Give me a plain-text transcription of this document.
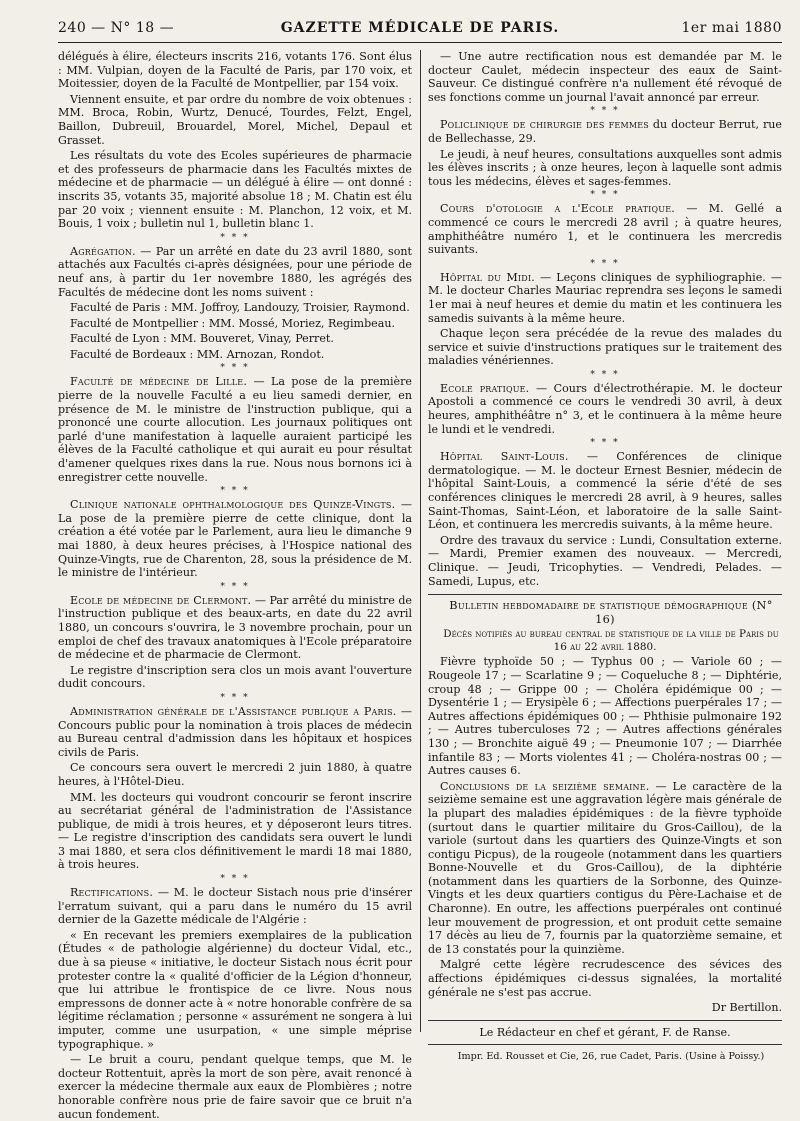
240 — N° 18 —	GAZETTE MÉDICALE DE PARIS.	1er mai 1880

délégués à élire, électeurs inscrits 216, votants 176. Sont élus : MM. Vulpian, doyen de la Faculté de Paris, par 170 voix, et Moitessier, doyen de la Faculté de Montpellier, par 154 voix.

Viennent ensuite, et par ordre du nombre de voix obtenues : MM. Broca, Robin, Wurtz, Denucé, Tourdes, Felzt, Engel, Baillon, Dubreuil, Brouardel, Morel, Michel, Depaul et Grasset.

Les résultats du vote des Ecoles supérieures de pharmacie et des professeurs de pharmacie dans les Facultés mixtes de médecine et de pharmacie — un délégué à élire — ont donné : inscrits 35, votants 35, majorité absolue 18 ; M. Chatin est élu par 20 voix ; viennent ensuite : M. Planchon, 12 voix, et M. Bouis, 1 voix ; bulletin nul 1, bulletin blanc 1.

* * *

Agrégation. — Par un arrêté en date du 23 avril 1880, sont attachés aux Facultés ci-après désignées, pour une période de neuf ans, à partir du 1er novembre 1880, les agrégés des Facultés de médecine dont les noms suivent :

Faculté de Paris : MM. Joffroy, Landouzy, Troisier, Raymond.

Faculté de Montpellier : MM. Mossé, Moriez, Regimbeau.

Faculté de Lyon : MM. Bouveret, Vinay, Perret.

Faculté de Bordeaux : MM. Arnozan, Rondot.

* * *

Faculté de médecine de Lille. — La pose de la première pierre de la nouvelle Faculté a eu lieu samedi dernier, en présence de M. le ministre de l'instruction publique, qui a prononcé une courte allocution. Les journaux politiques ont parlé d'une manifestation à laquelle auraient participé les élèves de la Faculté catholique et qui aurait eu pour résultat d'amener quelques rixes dans la rue. Nous nous bornons ici à enregistrer cette nouvelle.

* * *

Clinique nationale ophthalmologique des Quinze-Vingts. — La pose de la première pierre de cette clinique, dont la création a été votée par le Parlement, aura lieu le dimanche 9 mai 1880, à deux heures précises, à l'Hospice national des Quinze-Vingts, rue de Charenton, 28, sous la présidence de M. le ministre de l'intérieur.

* * *

Ecole de médecine de Clermont. — Par arrêté du ministre de l'instruction publique et des beaux-arts, en date du 22 avril 1880, un concours s'ouvrira, le 3 novembre prochain, pour un emploi de chef des travaux anatomiques à l'Ecole préparatoire de médecine et de pharmacie de Clermont.

Le registre d'inscription sera clos un mois avant l'ouverture dudit concours.

* * *

Administration générale de l'Assistance publique a Paris. — Concours public pour la nomination à trois places de médecin au Bureau central d'admission dans les hôpitaux et hospices civils de Paris.

Ce concours sera ouvert le mercredi 2 juin 1880, à quatre heures, à l'Hôtel-Dieu.

MM. les docteurs qui voudront concourir se feront inscrire au secrétariat général de l'administration de l'Assistance publique, de midi à trois heures, et y déposeront leurs titres. — Le registre d'inscription des candidats sera ouvert le lundi 3 mai 1880, et sera clos définitivement le mardi 18 mai 1880, à trois heures.

* * *

Rectifications. — M. le docteur Sistach nous prie d'insérer l'erratum suivant, qui a paru dans le numéro du 15 avril dernier de la Gazette médicale de l'Algérie :

« En recevant les premiers exemplaires de la publication (Études « de pathologie algérienne) du docteur Vidal, etc., due à sa pieuse « initiative, le docteur Sistach nous écrit pour protester contre la « qualité d'officier de la Légion d'honneur, que lui attribue le frontispice de ce livre. Nous nous empressons de donner acte à « notre honorable confrère de sa légitime réclamation ; personne « assurément ne songera à lui imputer, comme une usurpation, « une simple méprise typographique. »

— Le bruit a couru, pendant quelque temps, que M. le docteur Rottentuit, après la mort de son père, avait renoncé à exercer la médecine thermale aux eaux de Plombières ; notre honorable confrère nous prie de faire savoir que ce bruit n'a aucun fondement.

— Une autre rectification nous est demandée par M. le docteur Caulet, médecin inspecteur des eaux de Saint-Sauveur. Ce distingué confrère n'a nullement été révoqué de ses fonctions comme un journal l'avait annoncé par erreur.

* * *

Policlinique de chirurgie des femmes du docteur Berrut, rue de Bellechasse, 29.

Le jeudi, à neuf heures, consultations auxquelles sont admis les élèves inscrits ; à onze heures, leçon à laquelle sont admis tous les médecins, élèves et sages-femmes.

* * *

Cours d'otologie a l'Ecole pratique. — M. Gellé a commencé ce cours le mercredi 28 avril ; à quatre heures, amphithéâtre numéro 1, et le continuera les mercredis suivants.

* * *

Hôpital du Midi. — Leçons cliniques de syphiliographie. — M. le docteur Charles Mauriac reprendra ses leçons le samedi 1er mai à neuf heures et demie du matin et les continuera les samedis suivants à la même heure.

Chaque leçon sera précédée de la revue des malades du service et suivie d'instructions pratiques sur le traitement des maladies vénériennes.

* * *

Ecole pratique. — Cours d'électrothérapie. M. le docteur Apostoli a commencé ce cours le vendredi 30 avril, à deux heures, amphithéâtre n° 3, et le continuera à la même heure le lundi et le vendredi.

* * *

Hôpital Saint-Louis. — Conférences de clinique dermatologique. — M. le docteur Ernest Besnier, médecin de l'hôpital Saint-Louis, a commencé la série d'été de ses conférences cliniques le mercredi 28 avril, à 9 heures, salles Saint-Thomas, Saint-Léon, et laboratoire de la salle Saint-Léon, et continuera les mercredis suivants, à la même heure.

Ordre des travaux du service : Lundi, Consultation externe. — Mardi, Premier examen des nouveaux. — Mercredi, Clinique. — Jeudi, Tricophyties. — Vendredi, Pelades. — Samedi, Lupus, etc.

Bulletin hebdomadaire de statistique démographique (N° 16)

Décès notifiés au bureau central de statistique de la ville de Paris du 16 au 22 avril 1880.

Fièvre typhoïde 50 ; — Typhus 00 ; — Variole 60 ; — Rougeole 17 ; — Scarlatine 9 ; — Coqueluche 8 ; — Diphtérie, croup 48 ; — Grippe 00 ; — Choléra épidémique 00 ; — Dysentérie 1 ; — Erysipèle 6 ; — Affections puerpérales 17 ; — Autres affections épidémiques 00 ; — Phthisie pulmonaire 192 ; — Autres tuberculoses 72 ; — Autres affections générales 130 ; — Bronchite aiguë 49 ; — Pneumonie 107 ; — Diarrhée infantile 83 ; — Morts violentes 41 ; — Choléra-nostras 00 ; — Autres causes 6.

Conclusions de la seizième semaine. — Le caractère de la seizième semaine est une aggravation légère mais générale de la plupart des maladies épidémiques : de la fièvre typhoïde (surtout dans le quartier militaire du Gros-Caillou), de la variole (surtout dans les quartiers des Quinze-Vingts et son contigu Picpus), de la rougeole (notamment dans les quartiers Bonne-Nouvelle et du Gros-Caillou), de la diphtérie (notamment dans les quartiers de la Sorbonne, des Quinze-Vingts et les deux quartiers contigus du Père-Lachaise et de Charonne). En outre, les affections puerpérales ont continué leur mouvement de progression, et ont produit cette semaine 17 décès au lieu de 7, fournis par la quatorzième semaine, et de 13 constatés pour la quinzième.

Malgré cette légère recrudescence des sévices des affections épidémiques ci-dessus signalées, la mortalité générale ne s'est pas accrue.

Dr Bertillon.

Le Rédacteur en chef et gérant, F. de Ranse.

Impr. Ed. Rousset et Cie, 26, rue Cadet, Paris. (Usine à Poissy.)
